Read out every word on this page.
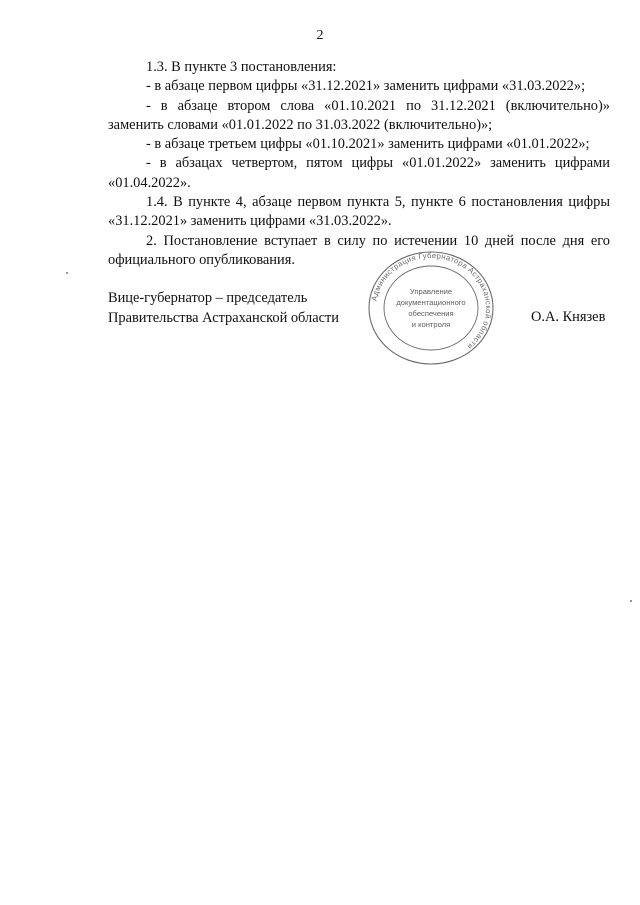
2

1.3. В пункте 3 постановления:

- в абзаце первом цифры «31.12.2021» заменить цифрами «31.03.2022»;

- в абзаце втором слова «01.10.2021 по 31.12.2021 (включительно)» заменить словами «01.01.2022 по 31.03.2022 (включительно)»;

- в абзаце третьем цифры «01.10.2021» заменить цифрами «01.01.2022»;

- в абзацах четвертом, пятом цифры «01.01.2022» заменить цифрами «01.04.2022».

1.4. В пункте 4, абзаце первом пункта 5, пункте 6 постановления цифры «31.12.2021» заменить цифрами «31.03.2022».

2. Постановление вступает в силу по истечении 10 дней после дня его официального опубликования.

Вице-губернатор – председатель
Правительства Астраханской области
Администрация Губернатора Астраханской области
Управление
документационного
обеспечения
и контроля	О.А. Князев
